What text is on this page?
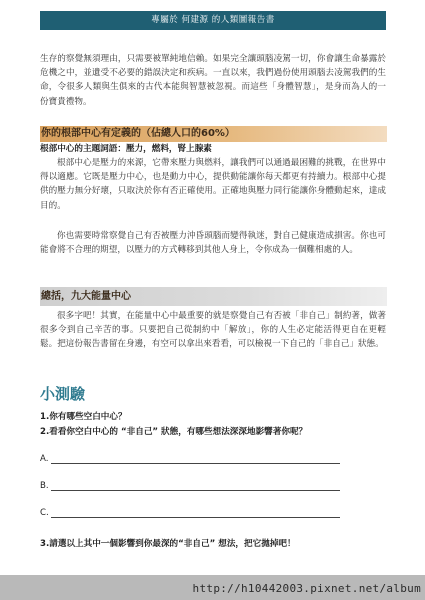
專屬於 何建源 的人類圖報告書

生存的察覺無須理由，只需要被單純地信賴。如果完全讓頭腦凌駕一切，你會讓生命暴露於危機之中，並遺受不必要的錯誤決定和疾病。一直以來，我們過份使用頭腦去凌駕我們的生命，令很多人類與生俱來的古代本能與智慧被忽視。而這些「身體智慧」，是身而為人的一份寶貴禮物。

你的根部中心有定義的（佔總人口的60%）
根部中心的主題詞語：壓力，燃料，腎上腺素

根部中心是壓力的來源，它帶來壓力與燃料，讓我們可以通過最困難的挑戰，在世界中得以適應。它既是壓力中心，也是動力中心，提供動能讓你每天都更有持續力。根部中心提供的壓力無分好壞，只取決於你有否正確使用。正確地與壓力同行能讓你身體動起來，達成目的。

你也需要時常察覺自己有否被壓力沖昏頭腦而變得執迷，對自己健康造成損害。你也可能會將不合理的期望，以壓力的方式轉移到其他人身上，令你成為一個難相處的人。

總括，九大能量中心

很多字吧！其實，在能量中心中最重要的就是察覺自己有否被「非自己」制約著，做著很多令到自己辛苦的事。只要把自己從制約中「解放」，你的人生必定能活得更自在更輕鬆。把這份報告書留在身邊，有空可以拿出來看看，可以檢視一下自己的「非自己」狀態。

小測驗
1.你有哪些空白中心？
2.看看你空白中心的 “非自己” 狀態，有哪些想法深深地影響著你呢？
A.
B.
C.
3.請選以上其中一個影響到你最深的“非自己” 想法，把它拋掉吧！
http://h10442003.pixnet.net/album
